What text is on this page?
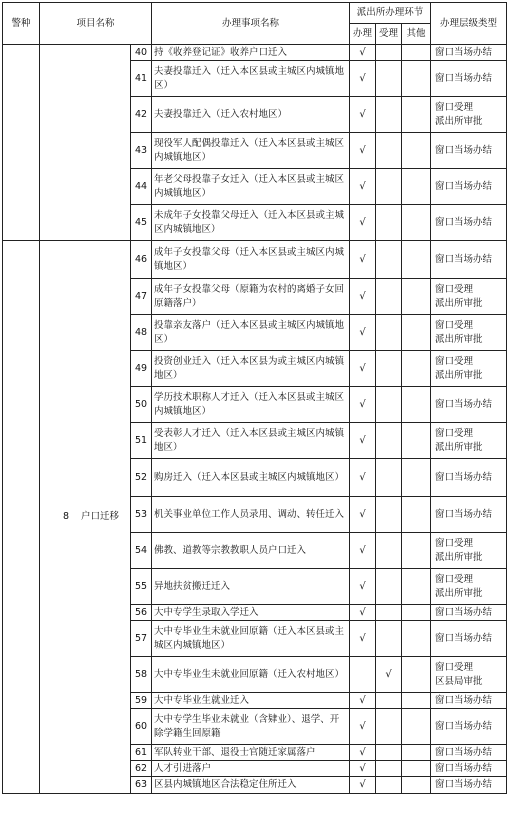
警种	项目名称		办理事项名称	派出所办理环节			办理层级类型
				办理	受理	其他	
		40	持《收养登记证》收养户口迁入	√			窗口当场办结

		41	夫妻投靠迁入（迁入本区县或主城区内城镇地区）	√			窗口当场办结

		42	夫妻投靠迁入（迁入农村地区）	√			窗口受理
派出所审批

		43	现役军人配偶投靠迁入（迁入本区县或主城区内城镇地区）	√			窗口当场办结

		44	年老父母投靠子女迁入（迁入本区县或主城区内城镇地区）	√			窗口当场办结

		45	未成年子女投靠父母迁入（迁入本区县或主城区内城镇地区）	√			窗口当场办结

	8 户口迁移	46	成年子女投靠父母（迁入本区县或主城区内城镇地区）	√			窗口当场办结

		47	成年子女投靠父母（原籍为农村的离婚子女回原籍落户）	√			窗口受理
派出所审批

		48	投靠亲友落户（迁入本区县或主城区内城镇地区）	√			窗口受理
派出所审批

		49	投资创业迁入（迁入本区县为或主城区内城镇地区）	√			窗口受理
派出所审批

		50	学历技术职称人才迁入（迁入本区县或主城区内城镇地区）	√			窗口当场办结

		51	受表彰人才迁入（迁入本区县或主城区内城镇地区）	√			窗口受理
派出所审批

		52	购房迁入（迁入本区县或主城区内城镇地区）	√			窗口当场办结

		53	机关事业单位工作人员录用、调动、转任迁入	√			窗口当场办结

		54	佛教、道教等宗教教职人员户口迁入	√			窗口受理
派出所审批

		55	异地扶贫搬迁迁入	√			窗口受理
派出所审批

		56	大中专学生录取入学迁入	√			窗口当场办结

		57	大中专毕业生未就业回原籍（迁入本区县或主城区内城镇地区）	√			窗口当场办结

		58	大中专毕业生未就业回原籍（迁入农村地区）		√		窗口受理
区县局审批

		59	大中专毕业生就业迁入	√			窗口当场办结

		60	大中专学生毕业未就业（含肄业）、退学、开除学籍生回原籍	√			窗口当场办结

		61	军队转业干部、退役士官随迁家属落户	√			窗口当场办结

		62	人才引进落户	√			窗口当场办结

		63	区县内城镇地区合法稳定住所迁入	√			窗口当场办结
